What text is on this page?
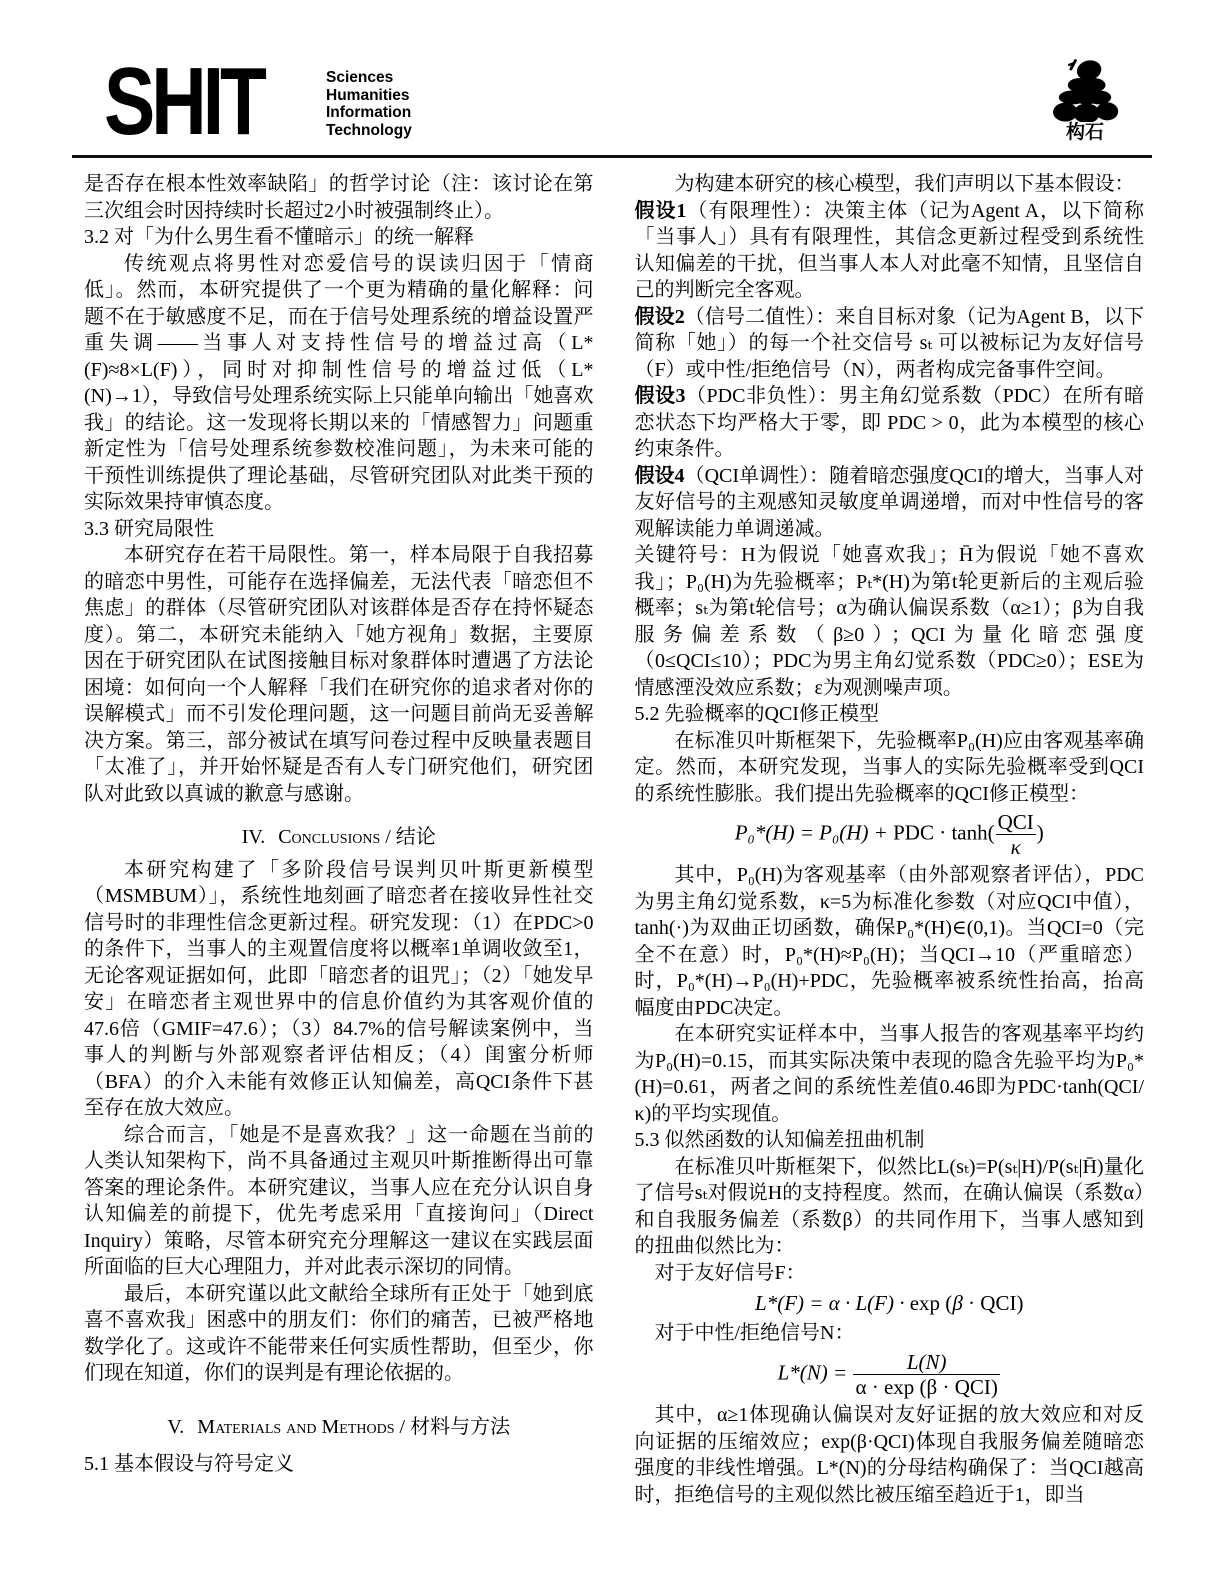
SHIT	Sciences
Humanities
Information
Technology	构石

是否存在根本性效率缺陷」的哲学讨论（注：该讨论在第三次组会时因持续时长超过2小时被强制终止）。

3.2 对「为什么男生看不懂暗示」的统一解释

传统观点将男性对恋爱信号的误读归因于「情商低」。然而，本研究提供了一个更为精确的量化解释：问题不在于敏感度不足，而在于信号处理系统的增益设置严重失调——当事人对支持性信号的增益过高（L*(F)≈8×L(F)），同时对抑制性信号的增益过低（L*(N)→1），导致信号处理系统实际上只能单向输出「她喜欢我」的结论。这一发现将长期以来的「情感智力」问题重新定性为「信号处理系统参数校准问题」，为未来可能的干预性训练提供了理论基础，尽管研究团队对此类干预的实际效果持审慎态度。

3.3 研究局限性

本研究存在若干局限性。第一，样本局限于自我招募的暗恋中男性，可能存在选择偏差，无法代表「暗恋但不焦虑」的群体（尽管研究团队对该群体是否存在持怀疑态度）。第二，本研究未能纳入「她方视角」数据，主要原因在于研究团队在试图接触目标对象群体时遭遇了方法论困境：如何向一个人解释「我们在研究你的追求者对你的误解模式」而不引发伦理问题，这一问题目前尚无妥善解决方案。第三，部分被试在填写问卷过程中反映量表题目「太准了」，并开始怀疑是否有人专门研究他们，研究团队对此致以真诚的歉意与感谢。

IV. Conclusions / 结论

本研究构建了「多阶段信号误判贝叶斯更新模型（MSMBUM）」，系统性地刻画了暗恋者在接收异性社交信号时的非理性信念更新过程。研究发现：（1）在PDC>0的条件下，当事人的主观置信度将以概率1单调收敛至1，无论客观证据如何，此即「暗恋者的诅咒」；（2）「她发早安」在暗恋者主观世界中的信息价值约为其客观价值的47.6倍（GMIF=47.6）；（3）84.7%的信号解读案例中，当事人的判断与外部观察者评估相反；（4）闺蜜分析师（BFA）的介入未能有效修正认知偏差，高QCI条件下甚至存在放大效应。

综合而言，「她是不是喜欢我？」这一命题在当前的人类认知架构下，尚不具备通过主观贝叶斯推断得出可靠答案的理论条件。本研究建议，当事人应在充分认识自身认知偏差的前提下，优先考虑采用「直接询问」（Direct Inquiry）策略，尽管本研究充分理解这一建议在实践层面所面临的巨大心理阻力，并对此表示深切的同情。

最后，本研究谨以此文献给全球所有正处于「她到底喜不喜欢我」困惑中的朋友们：你们的痛苦，已被严格地数学化了。这或许不能带来任何实质性帮助，但至少，你们现在知道，你们的误判是有理论依据的。

V. Materials and Methods / 材料与方法

5.1 基本假设与符号定义

为构建本研究的核心模型，我们声明以下基本假设：

假设1（有限理性）：决策主体（记为Agent A，以下简称「当事人」）具有有限理性，其信念更新过程受到系统性认知偏差的干扰，但当事人本人对此毫不知情，且坚信自己的判断完全客观。

假设2（信号二值性）：来自目标对象（记为Agent B，以下简称「她」）的每一个社交信号 sₜ 可以被标记为友好信号（F）或中性/拒绝信号（N），两者构成完备事件空间。

假设3（PDC非负性）：男主角幻觉系数（PDC）在所有暗恋状态下均严格大于零，即 PDC > 0，此为本模型的核心约束条件。

假设4（QCI单调性）：随着暗恋强度QCI的增大，当事人对友好信号的主观感知灵敏度单调递增，而对中性信号的客观解读能力单调递减。

关键符号：H为假说「她喜欢我」；H̄为假说「她不喜欢我」；P₀(H)为先验概率；Pₜ*(H)为第t轮更新后的主观后验概率；sₜ为第t轮信号；α为确认偏误系数（α≥1）；β为自我服务偏差系数（β≥0）；QCI为量化暗恋强度（0≤QCI≤10）；PDC为男主角幻觉系数（PDC≥0）；ESE为情感湮没效应系数；ε为观测噪声项。

5.2 先验概率的QCI修正模型

在标准贝叶斯框架下，先验概率P₀(H)应由客观基率确定。然而，本研究发现，当事人的实际先验概率受到QCI的系统性膨胀。我们提出先验概率的QCI修正模型：

P₀*(H) = P₀(H) + PDC · $\tanh( \frac{\text{QCI}}{\kappa}$ )

其中，P₀(H)为客观基率（由外部观察者评估），PDC为男主角幻觉系数，κ=5为标准化参数（对应QCI中值），tanh(·)为双曲正切函数，确保P₀*(H)∈(0,1)。当QCI=0（完全不在意）时，P₀*(H)≈P₀(H)；当QCI→10（严重暗恋）时，P₀*(H)→P₀(H)+PDC，先验概率被系统性抬高，抬高幅度由PDC决定。

在本研究实证样本中，当事人报告的客观基率平均约为P₀(H)=0.15，而其实际决策中表现的隐含先验平均为P₀*(H)=0.61，两者之间的系统性差值0.46即为PDC·tanh(QCI/κ)的平均实现值。

5.3 似然函数的认知偏差扭曲机制

在标准贝叶斯框架下，似然比L(sₜ)=P(sₜ|H)/P(sₜ|H̄)量化了信号sₜ对假说H的支持程度。然而，在确认偏误（系数α）和自我服务偏差（系数β）的共同作用下，当事人感知到的扭曲似然比为：

对于友好信号F：

L*(F) = α · L(F) · exp (β · QCI)

对于中性/拒绝信号N：

$L*(N) = \frac{L(N)}{\text{α · exp (β · QCI)}}$

其中，α≥1体现确认偏误对友好证据的放大效应和对反向证据的压缩效应；exp(β·QCI)体现自我服务偏差随暗恋强度的非线性增强。L*(N)的分母结构确保了：当QCI越高时，拒绝信号的主观似然比被压缩至趋近于1，即当
